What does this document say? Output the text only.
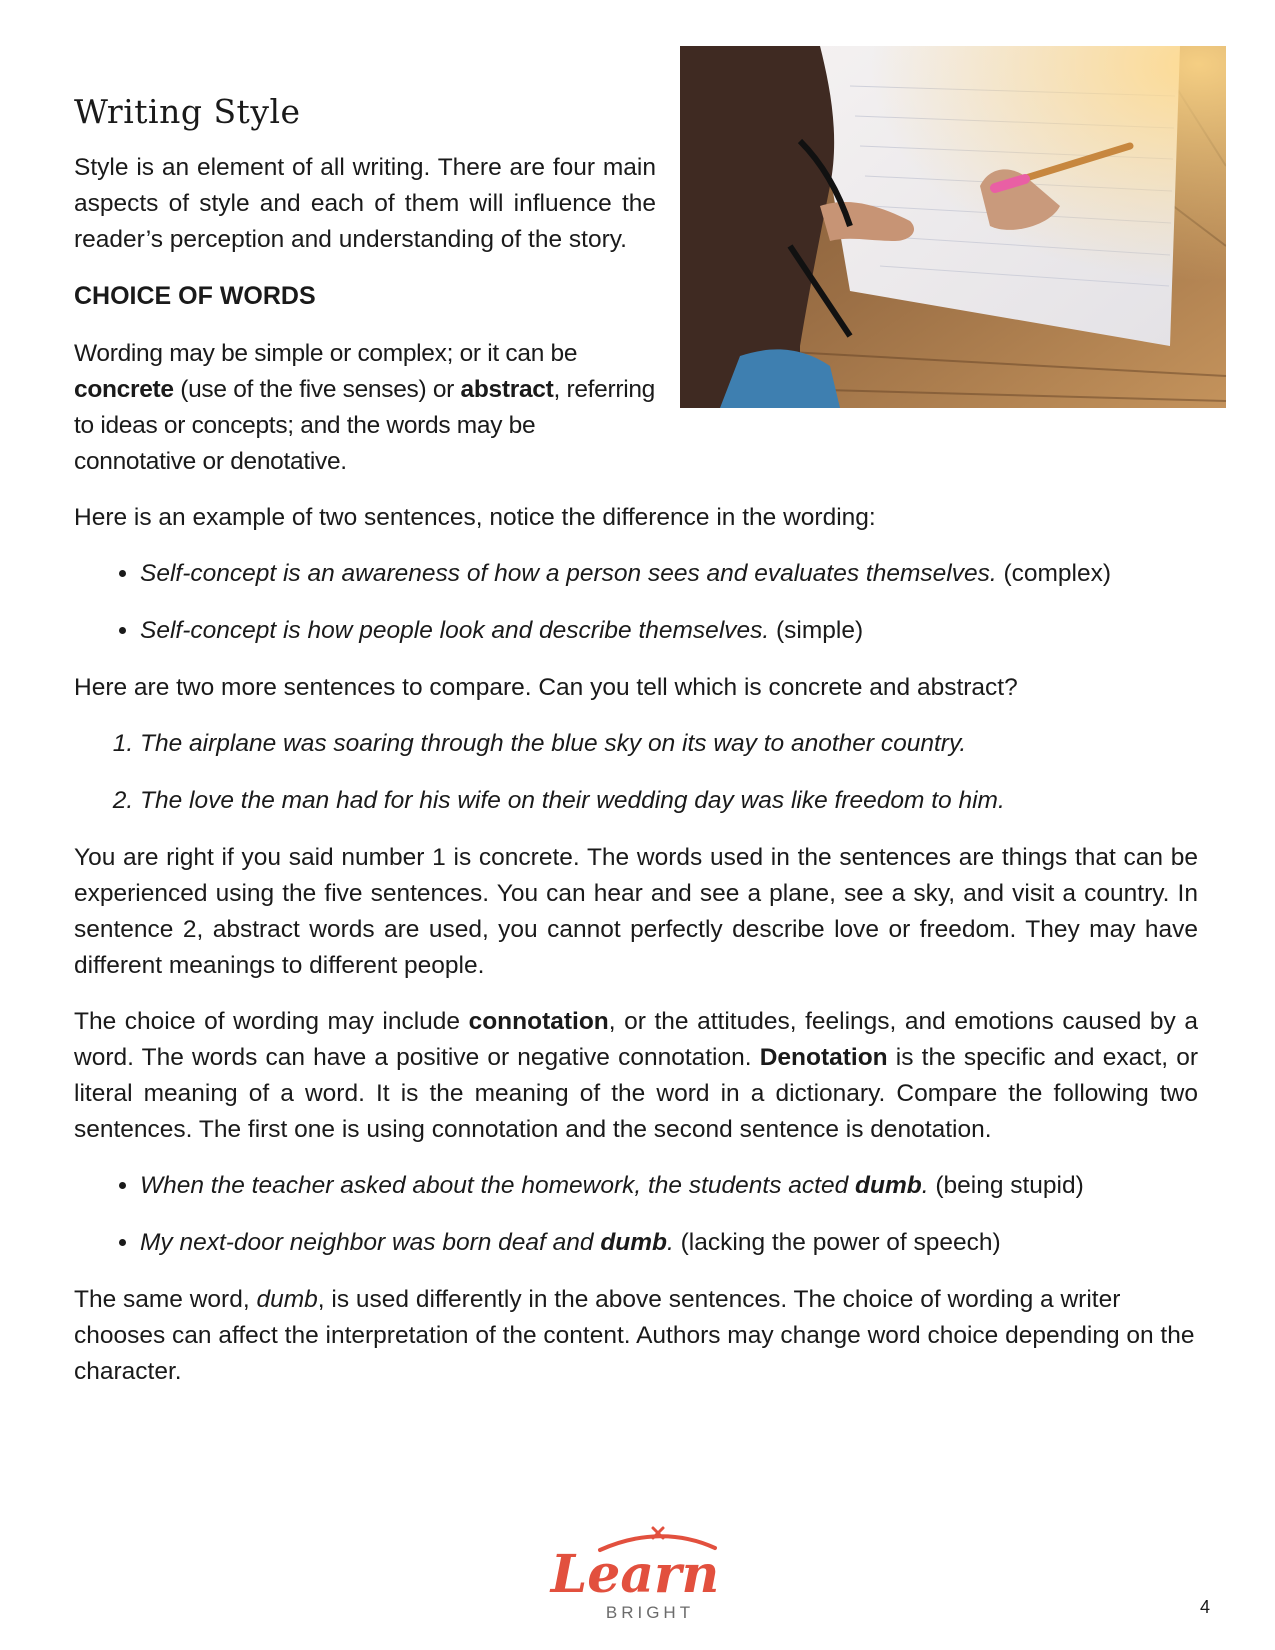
Writing Style

Style is an element of all writing. There are four main aspects of style and each of them will influence the reader’s perception and understanding of the story.

CHOICE OF WORDS

Wording may be simple or complex; or it can be concrete (use of the five senses) or abstract, referring to ideas or concepts; and the words may be connotative or denotative.

Here is an example of two sentences, notice the difference in the wording:

• Self-concept is an awareness of how a person sees and evaluates themselves. (complex)
• Self-concept is how people look and describe themselves. (simple)

Here are two more sentences to compare. Can you tell which is concrete and abstract?

1. The airplane was soaring through the blue sky on its way to another country.
2. The love the man had for his wife on their wedding day was like freedom to him.

You are right if you said number 1 is concrete. The words used in the sentences are things that can be experienced using the five sentences. You can hear and see a plane, see a sky, and visit a country. In sentence 2, abstract words are used, you cannot perfectly describe love or freedom. They may have different meanings to different people.

The choice of wording may include connotation, or the attitudes, feelings, and emotions caused by a word. The words can have a positive or negative connotation. Denotation is the specific and exact, or literal meaning of a word. It is the meaning of the word in a dictionary. Compare the following two sentences. The first one is using connotation and the second sentence is denotation.

• When the teacher asked about the homework, the students acted dumb. (being stupid)
• My next-door neighbor was born deaf and dumb. (lacking the power of speech)

The same word, dumb, is used differently in the above sentences. The choice of wording a writer chooses can affect the interpretation of the content. Authors may change word choice depending on the character.

Learn
BRIGHT	4
